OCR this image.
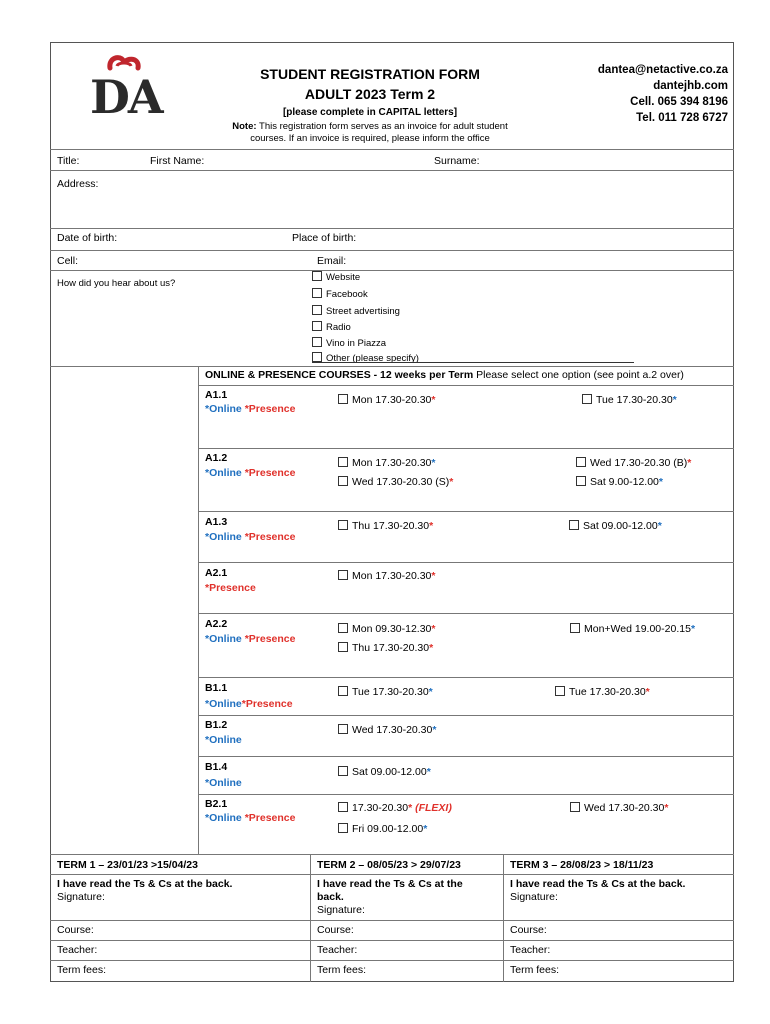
DA	STUDENT REGISTRATION FORM
ADULT 2023 Term 2
[please complete in CAPITAL letters]
Note: This registration form serves as an invoice for adult student
courses. If an invoice is required, please inform the office
dantea@netactive.co.za
dantejhb.com
Cell. 065 394 8196
Tel. 011 728 6727
Title:	First Name:	Surname:
Address:
Date of birth:	Place of birth:
Cell:	Email:
How did you hear about us?
Website
Facebook
Street advertising
Radio
Vino in Piazza
Other (please specify)
ONLINE & PRESENCE COURSES - 12 weeks per Term Please select one option (see point a.2 over)
A1.1
*Online *Presence
Mon 17.30-20.30*	Tue 17.30-20.30*
A1.2
*Online *Presence
Mon 17.30-20.30*	Wed 17.30-20.30 (B)*
Wed 17.30-20.30 (S)*	Sat 9.00-12.00*
A1.3
*Online *Presence
Thu 17.30-20.30*	Sat 09.00-12.00*
A2.1
*Presence
Mon 17.30-20.30*
A2.2
*Online *Presence
Mon 09.30-12.30*	Mon+Wed 19.00-20.15*
Thu 17.30-20.30*
B1.1
*Online*Presence
Tue 17.30-20.30*	Tue 17.30-20.30*
B1.2
*Online
Wed 17.30-20.30*
B1.4
*Online
Sat 09.00-12.00*
B2.1
*Online *Presence
17.30-20.30* (FLEXI)	Wed 17.30-20.30*
Fri 09.00-12.00*
TERM 1 – 23/01/23 >15/04/23	TERM 2 – 08/05/23 > 29/07/23	TERM 3 – 28/08/23 > 18/11/23
I have read the Ts & Cs at the back.
Signature:
I have read the Ts & Cs at the
back.
Signature:
I have read the Ts & Cs at the back.
Signature:
Course:	Course:	Course:
Teacher:	Teacher:	Teacher:
Term fees:	Term fees:	Term fees:
